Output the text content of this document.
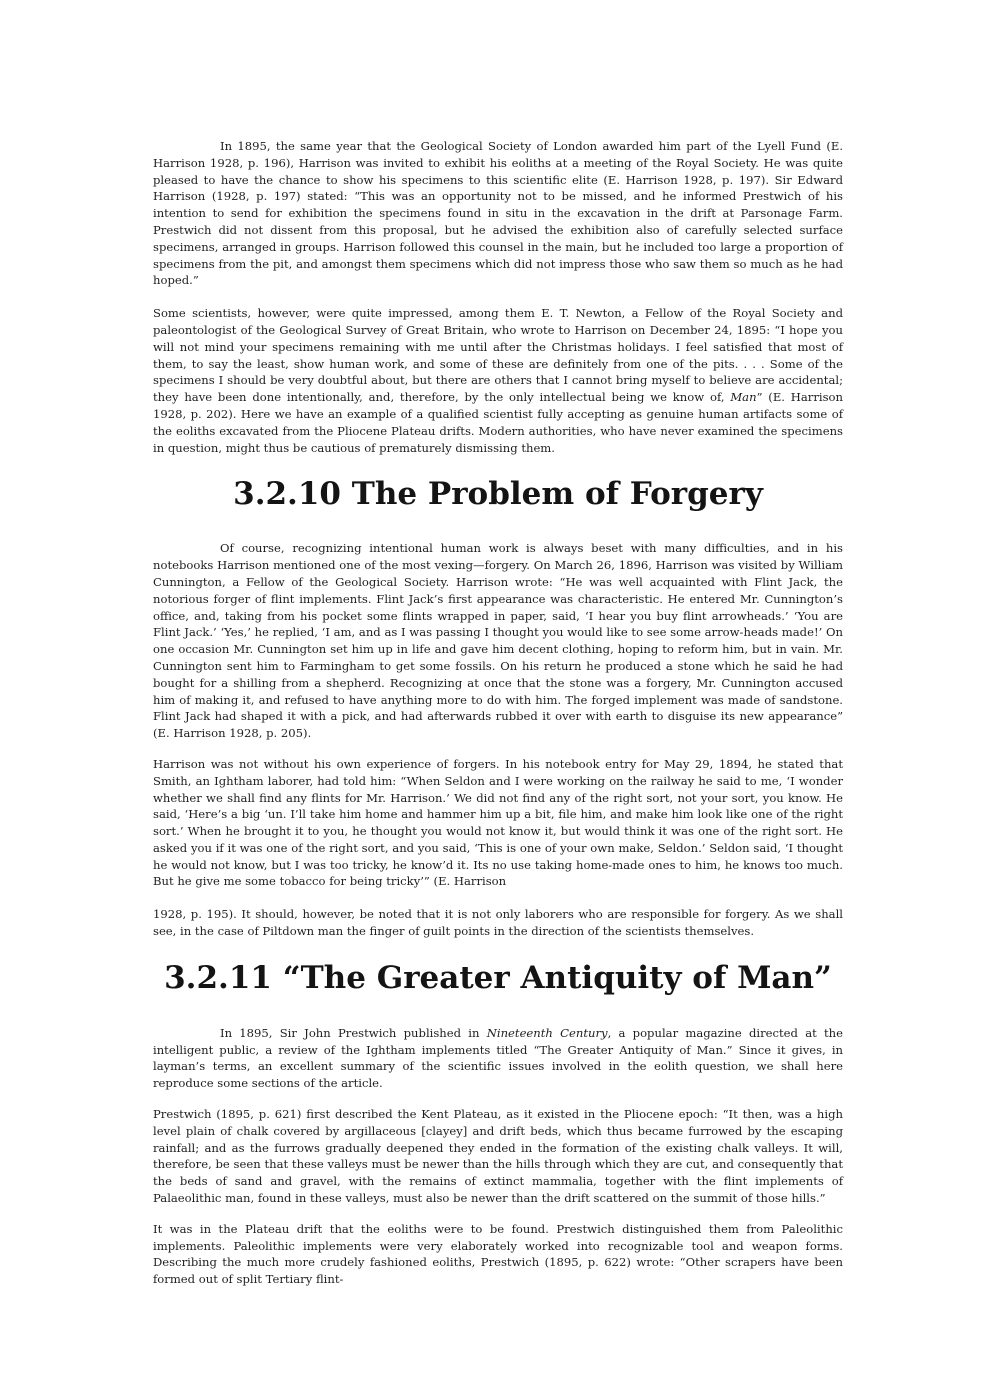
In 1895, the same year that the Geological Society of London awarded him part of the Lyell Fund (E. Harrison 1928, p. 196), Harrison was invited to exhibit his eoliths at a meeting of the Royal Society. He was quite pleased to have the chance to show his specimens to this scientific elite (E. Harrison 1928, p. 197). Sir Edward Harrison (1928, p. 197) stated: “This was an opportunity not to be missed, and he informed Prestwich of his intention to send for exhibition the specimens found in situ in the excavation in the drift at Parsonage Farm. Prestwich did not dissent from this proposal, but he advised the exhibition also of carefully selected surface specimens, arranged in groups. Harrison followed this counsel in the main, but he included too large a proportion of specimens from the pit, and amongst them specimens which did not impress those who saw them so much as he had hoped.”

Some scientists, however, were quite impressed, among them E. T. Newton, a Fellow of the Royal Society and paleontologist of the Geological Survey of Great Britain, who wrote to Harrison on December 24, 1895: “I hope you will not mind your specimens remaining with me until after the Christmas holidays. I feel satisfied that most of them, to say the least, show human work, and some of these are definitely from one of the pits. . . . Some of the specimens I should be very doubtful about, but there are others that I cannot bring myself to believe are accidental; they have been done intentionally, and, therefore, by the only intellectual being we know of, Man” (E. Harrison 1928, p. 202). Here we have an example of a qualified scientist fully accepting as genuine human artifacts some of the eoliths excavated from the Pliocene Plateau drifts. Modern authorities, who have never examined the specimens in question, might thus be cautious of prematurely dismissing them.

3.2.10 The Problem of Forgery

Of course, recognizing intentional human work is always beset with many difficulties, and in his notebooks Harrison mentioned one of the most vexing—forgery. On March 26, 1896, Harrison was visited by William Cunnington, a Fellow of the Geological Society. Harrison wrote: “He was well acquainted with Flint Jack, the notorious forger of flint implements. Flint Jack’s first appearance was characteristic. He entered Mr. Cunnington’s office, and, taking from his pocket some flints wrapped in paper, said, ‘I hear you buy flint arrowheads.’ ‘You are Flint Jack.’ ‘Yes,’ he replied, ‘I am, and as I was passing I thought you would like to see some arrow-heads made!’ On one occasion Mr. Cunnington set him up in life and gave him decent clothing, hoping to reform him, but in vain. Mr. Cunnington sent him to Farmingham to get some fossils. On his return he produced a stone which he said he had bought for a shilling from a shepherd. Recognizing at once that the stone was a forgery, Mr. Cunnington accused him of making it, and refused to have anything more to do with him. The forged implement was made of sandstone. Flint Jack had shaped it with a pick, and had afterwards rubbed it over with earth to disguise its new appearance” (E. Harrison 1928, p. 205).

Harrison was not without his own experience of forgers. In his notebook entry for May 29, 1894, he stated that Smith, an Ightham laborer, had told him: “When Seldon and I were working on the railway he said to me, ‘I wonder whether we shall find any flints for Mr. Harrison.’ We did not find any of the right sort, not your sort, you know. He said, ‘Here’s a big ‘un. I’ll take him home and hammer him up a bit, file him, and make him look like one of the right sort.’ When he brought it to you, he thought you would not know it, but would think it was one of the right sort. He asked you if it was one of the right sort, and you said, ‘This is one of your own make, Seldon.’ Seldon said, ‘I thought he would not know, but I was too tricky, he know’d it. Its no use taking home-made ones to him, he knows too much. But he give me some tobacco for being tricky’” (E. Harrison

1928, p. 195). It should, however, be noted that it is not only laborers who are responsible for forgery. As we shall see, in the case of Piltdown man the finger of guilt points in the direction of the scientists themselves.

3.2.11 “The Greater Antiquity of Man”

In 1895, Sir John Prestwich published in Nineteenth Century, a popular magazine directed at the intelligent public, a review of the Ightham implements titled “The Greater Antiquity of Man.” Since it gives, in layman’s terms, an excellent summary of the scientific issues involved in the eolith question, we shall here reproduce some sections of the article.

Prestwich (1895, p. 621) first described the Kent Plateau, as it existed in the Pliocene epoch: “It then, was a high level plain of chalk covered by argillaceous [clayey] and drift beds, which thus became furrowed by the escaping rainfall; and as the furrows gradually deepened they ended in the formation of the existing chalk valleys. It will, therefore, be seen that these valleys must be newer than the hills through which they are cut, and consequently that the beds of sand and gravel, with the remains of extinct mammalia, together with the flint implements of Palaeolithic man, found in these valleys, must also be newer than the drift scattered on the summit of those hills.”

It was in the Plateau drift that the eoliths were to be found. Prestwich distinguished them from Paleolithic implements. Paleolithic implements were very elaborately worked into recognizable tool and weapon forms. Describing the much more crudely fashioned eoliths, Prestwich (1895, p. 622) wrote: “Other scrapers have been formed out of split Tertiary flint-
